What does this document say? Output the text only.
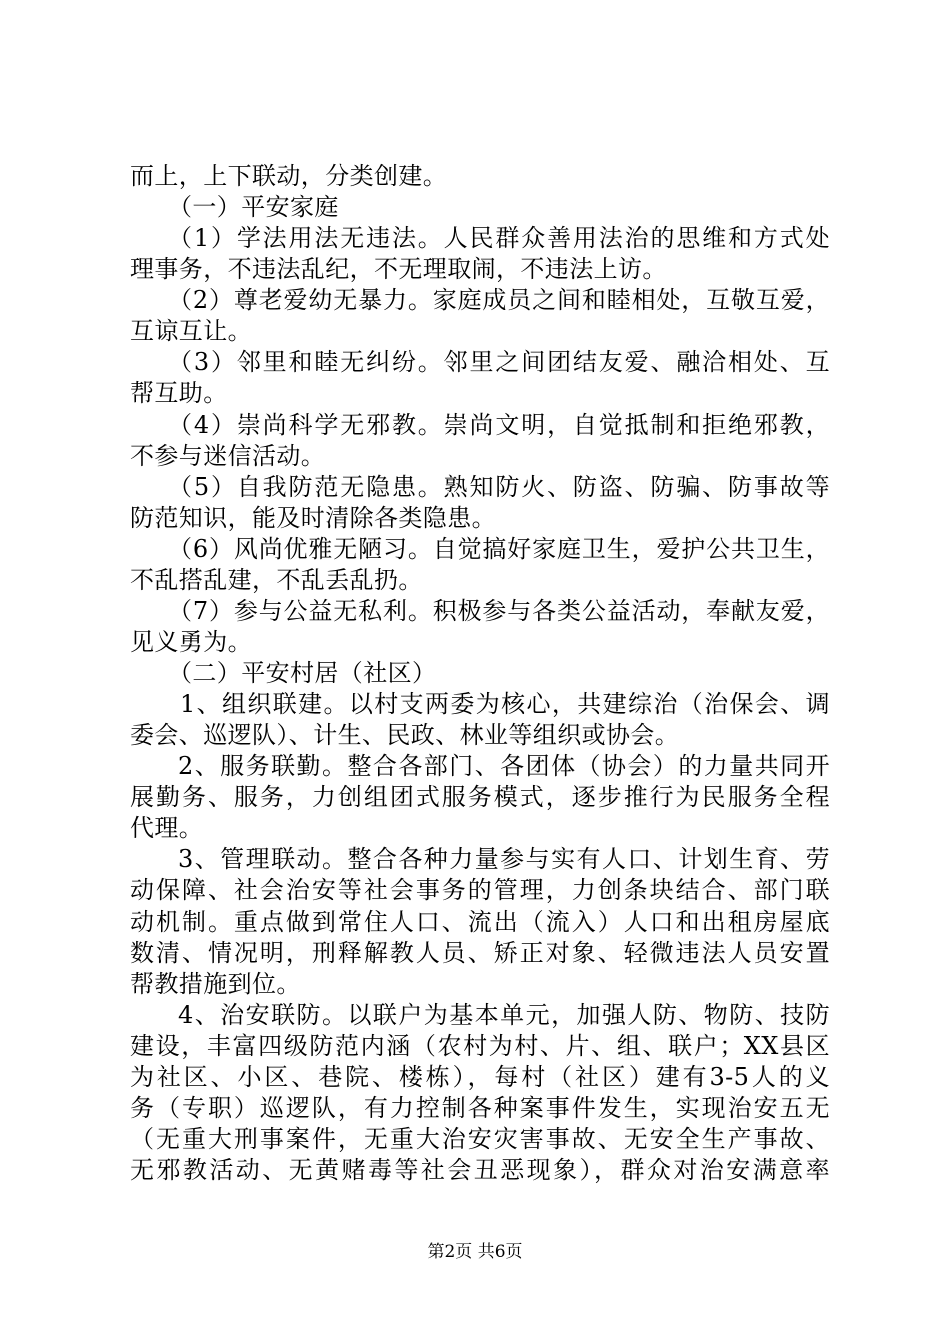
而上，上下联动，分类创建。
（一）平安家庭
（1）学法用法无违法。人民群众善用法治的思维和方式处
理事务，不违法乱纪，不无理取闹，不违法上访。
（2）尊老爱幼无暴力。家庭成员之间和睦相处，互敬互爱，
互谅互让。
（3）邻里和睦无纠纷。邻里之间团结友爱、融洽相处、互
帮互助。
（4）崇尚科学无邪教。崇尚文明，自觉抵制和拒绝邪教，
不参与迷信活动。
（5）自我防范无隐患。熟知防火、防盗、防骗、防事故等
防范知识，能及时清除各类隐患。
（6）风尚优雅无陋习。自觉搞好家庭卫生，爱护公共卫生，
不乱搭乱建，不乱丢乱扔。
（7）参与公益无私利。积极参与各类公益活动，奉献友爱，
见义勇为。
（二）平安村居（社区）
1、组织联建。以村支两委为核心，共建综治（治保会、调
委会、巡逻队）、计生、民政、林业等组织或协会。
2、服务联勤。整合各部门、各团体（协会）的力量共同开
展勤务、服务，力创组团式服务模式，逐步推行为民服务全程
代理。
3、管理联动。整合各种力量参与实有人口、计划生育、劳
动保障、社会治安等社会事务的管理，力创条块结合、部门联
动机制。重点做到常住人口、流出（流入）人口和出租房屋底
数清、情况明，刑释解教人员、矫正对象、轻微违法人员安置
帮教措施到位。
4、治安联防。以联户为基本单元，加强人防、物防、技防
建设，丰富四级防范内涵（农村为村、片、组、联户；XX县区
为社区、小区、巷院、楼栋），每村（社区）建有3-5人的义
务（专职）巡逻队，有力控制各种案事件发生，实现治安五无
（无重大刑事案件，无重大治安灾害事故、无安全生产事故、
无邪教活动、无黄赌毒等社会丑恶现象），群众对治安满意率
第2页 共6页
